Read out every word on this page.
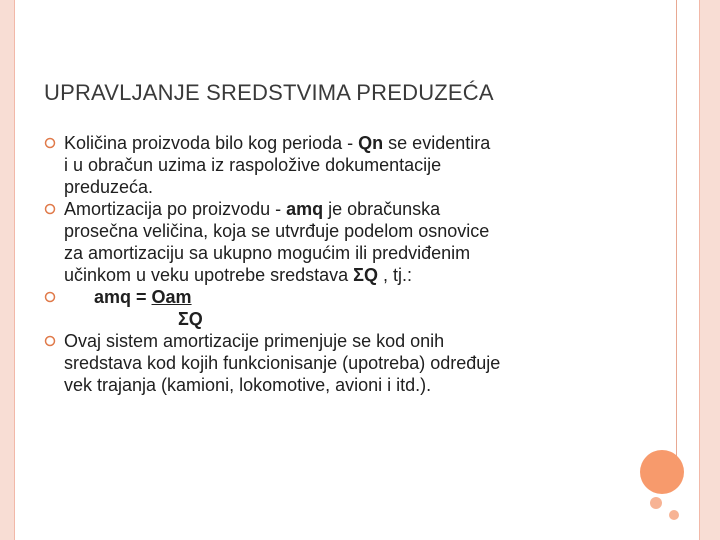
UPRAVLJANJE SREDSTVIMA PREDUZEĆA
Količina proizvoda bilo kog perioda - Qn se evidentira
i u obračun uzima iz raspoložive dokumentacije
preduzeća.
Amortizacija po proizvodu - amq je obračunska
prosečna veličina, koja se utvrđuje podelom osnovice
za amortizaciju sa ukupno mogućim ili predviđenim
učinkom u veku upotrebe sredstava ΣQ , tj.:
amq = Oam
ΣQ
Ovaj sistem amortizacije primenjuje se kod onih
sredstava kod kojih funkcionisanje (upotreba) određuje
vek trajanja (kamioni, lokomotive, avioni i itd.).
